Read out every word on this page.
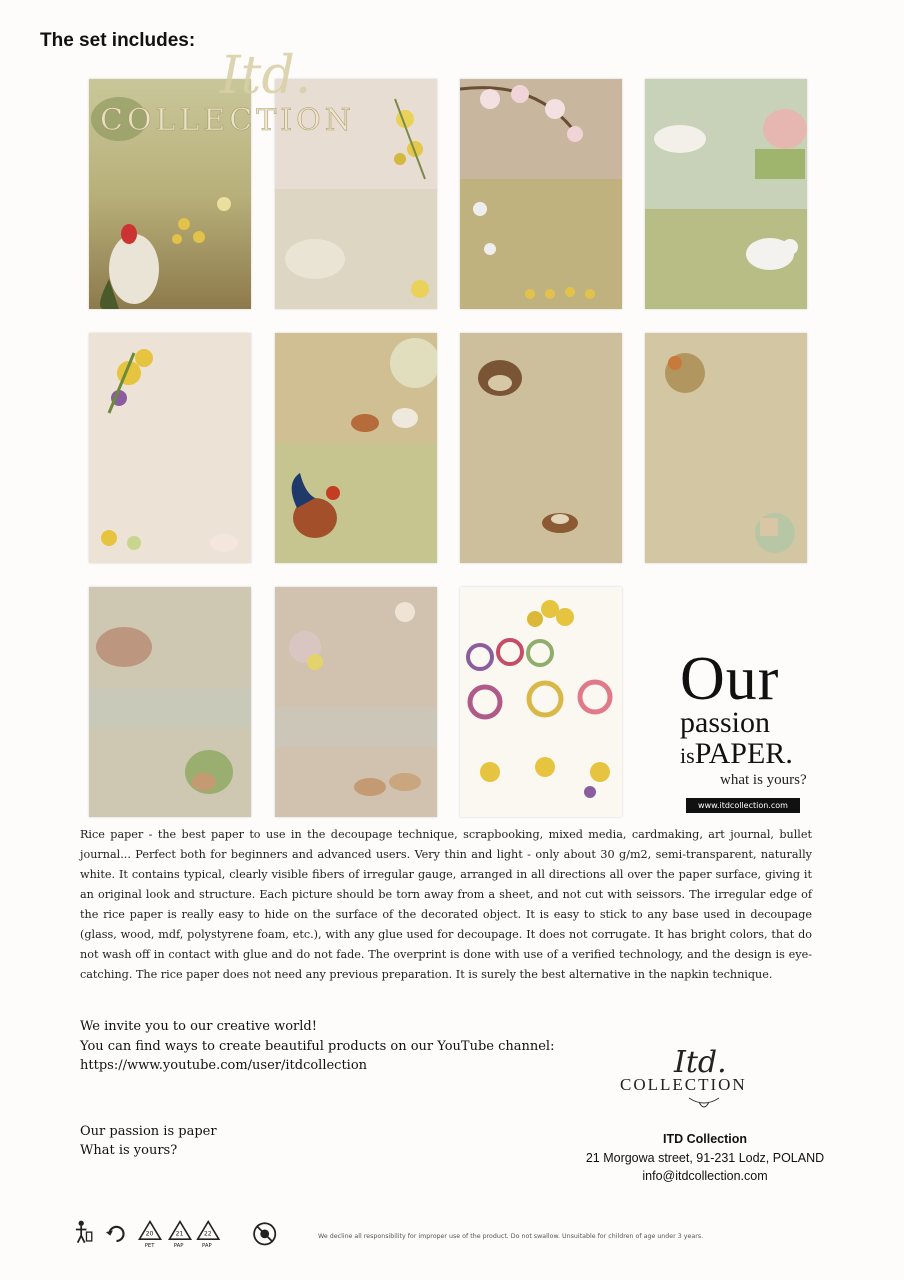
The set includes:
Itd.
COLLECTION
Our
passion
isPAPER.
what is yours?
www.itdcollection.com
Rice paper - the best paper to use in the decoupage technique, scrapbooking, mixed media, cardmaking, art journal, bullet journal... Perfect both for beginners and advanced users. Very thin and light - only about 30 g/m2, semi-transparent, naturally white. It contains typical, clearly visible fibers of irregular gauge, arranged in all directions all over the paper surface, giving it an original look and structure. Each picture should be torn away from a sheet, and not cut with seissors. The irregular edge of the rice paper is really easy to hide on the surface of the decorated object. It is easy to stick to any base used in decoupage (glass, wood, mdf, polystyrene foam, etc.), with any glue used for decoupage. It does not corrugate. It has bright colors, that do not wash off in contact with glue and do not fade. The overprint is done with use of a verified technology, and the design is eye-catching. The rice paper does not need any previous preparation. It is surely the best alternative in the napkin technique.
We invite you to our creative world!
You can find ways to create beautiful products on our YouTube channel:
https://www.youtube.com/user/itdcollection
Our passion is paper
What is yours?
Itd.
COLLECTION
ITD Collection
21 Morgowa street, 91-231 Lodz, POLAND
info@itdcollection.com
20
PET
21
PAP
22
PAP
We decline all responsibility for improper use of the product. Do not swallow. Unsuitable for children of age under 3 years.
